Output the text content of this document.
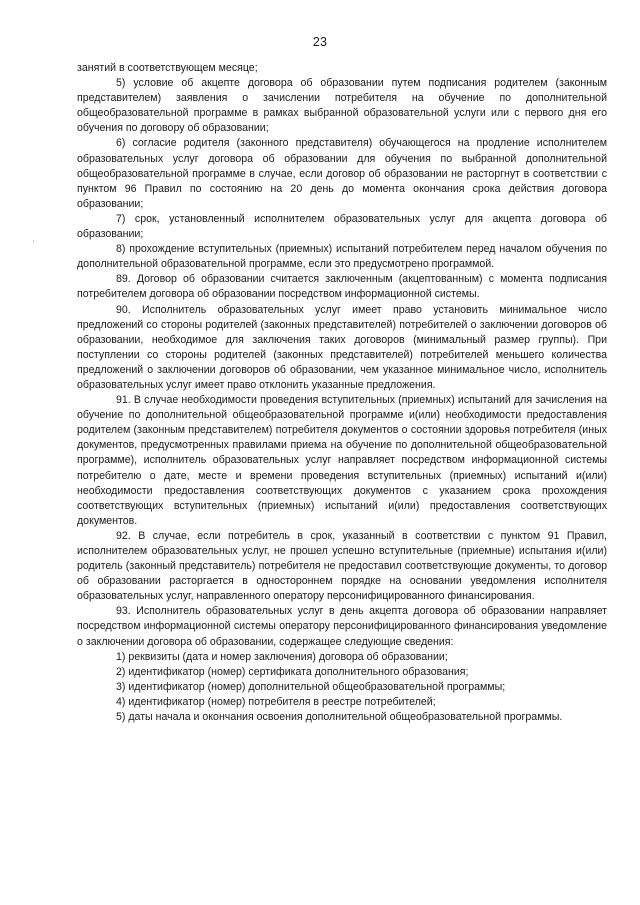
23

занятий в соответствующем месяце;

5) условие об акцепте договора об образовании путем подписания родителем (законным представителем) заявления о зачислении потребителя на обучение по дополнительной общеобразовательной программе в рамках выбранной образовательной услуги или с первого дня его обучения по договору об образовании;

6) согласие родителя (законного представителя) обучающегося на продление исполнителем образовательных услуг договора об образовании для обучения по выбранной дополнительной общеобразовательной программе в случае, если договор об образовании не расторгнут в соответствии с пунктом 96 Правил по состоянию на 20 день до момента окончания срока действия договора образовании;

7) срок, установленный исполнителем образовательных услуг для акцепта договора об образовании;

8) прохождение вступительных (приемных) испытаний потребителем перед началом обучения по дополнительной образовательной программе, если это предусмотрено программой.

89. Договор об образовании считается заключенным (акцептованным) с момента подписания потребителем договора об образовании посредством информационной системы.

90. Исполнитель образовательных услуг имеет право установить минимальное число предложений со стороны родителей (законных представителей) потребителей о заключении договоров об образовании, необходимое для заключения таких договоров (минимальный размер группы). При поступлении со стороны родителей (законных представителей) потребителей меньшего количества предложений о заключении договоров об образовании, чем указанное минимальное число, исполнитель образовательных услуг имеет право отклонить указанные предложения.

91. В случае необходимости проведения вступительных (приемных) испытаний для зачисления на обучение по дополнительной общеобразовательной программе и(или) необходимости предоставления родителем (законным представителем) потребителя документов о состоянии здоровья потребителя (иных документов, предусмотренных правилами приема на обучение по дополнительной общеобразовательной программе), исполнитель образовательных услуг направляет посредством информационной системы потребителю о дате, месте и времени проведения вступительных (приемных) испытаний и(или) необходимости предоставления соответствующих документов с указанием срока прохождения соответствующих вступительных (приемных) испытаний и(или) предоставления соответствующих документов.

92. В случае, если потребитель в срок, указанный в соответствии с пунктом 91 Правил, исполнителем образовательных услуг, не прошел успешно вступительные (приемные) испытания и(или) родитель (законный представитель) потребителя не предоставил соответствующие документы, то договор об образовании расторгается в одностороннем порядке на основании уведомления исполнителя образовательных услуг, направленного оператору персонифицированного финансирования.

93. Исполнитель образовательных услуг в день акцепта договора об образовании направляет посредством информационной системы оператору персонифицированного финансирования уведомление о заключении договора об образовании, содержащее следующие сведения:

1) реквизиты (дата и номер заключения) договора об образовании;

2) идентификатор (номер) сертификата дополнительного образования;

3) идентификатор (номер) дополнительной общеобразовательной программы;

4) идентификатор (номер) потребителя в реестре потребителей;

5) даты начала и окончания освоения дополнительной общеобразовательной программы.
